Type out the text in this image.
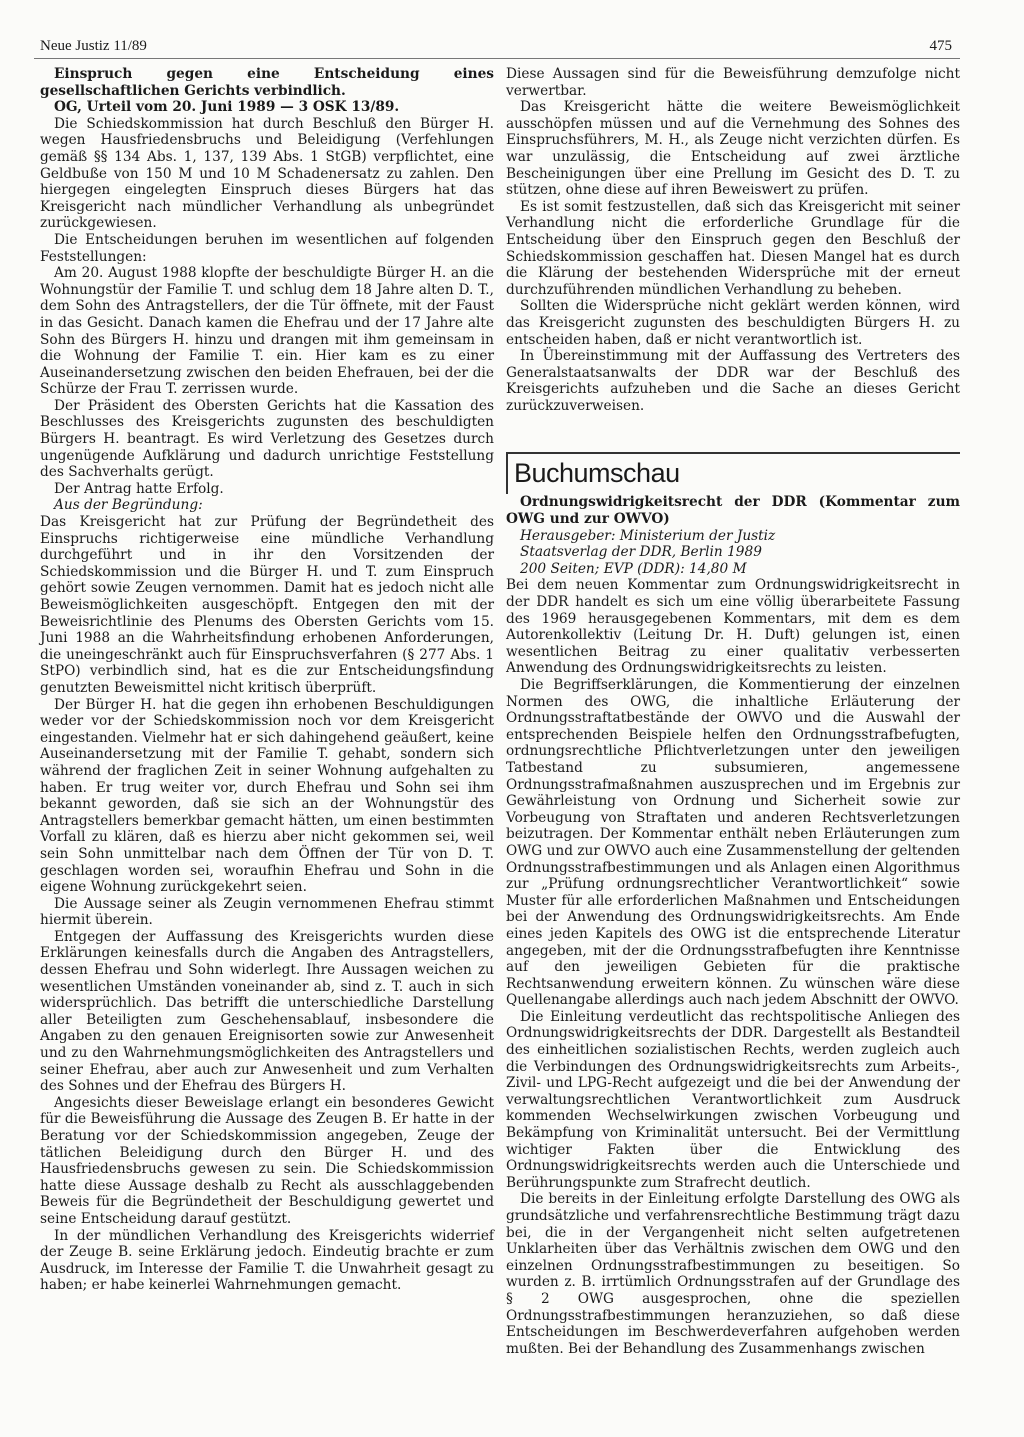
Neue Justiz 11/89	475

Einspruch gegen eine Entscheidung eines gesellschaftlichen Gerichts verbindlich.

OG, Urteil vom 20. Juni 1989 — 3 OSK 13/89.

Die Schiedskommission hat durch Beschluß den Bürger H. wegen Hausfriedensbruchs und Beleidigung (Verfehlungen gemäß §§ 134 Abs. 1, 137, 139 Abs. 1 StGB) verpflichtet, eine Geldbuße von 150 M und 10 M Schadenersatz zu zahlen. Den hiergegen eingelegten Einspruch dieses Bürgers hat das Kreisgericht nach mündlicher Verhandlung als unbegründet zurückgewiesen.

Die Entscheidungen beruhen im wesentlichen auf folgenden Feststellungen:

Am 20. August 1988 klopfte der beschuldigte Bürger H. an die Wohnungstür der Familie T. und schlug dem 18 Jahre alten D. T., dem Sohn des Antragstellers, der die Tür öffnete, mit der Faust in das Gesicht. Danach kamen die Ehefrau und der 17 Jahre alte Sohn des Bürgers H. hinzu und drangen mit ihm gemeinsam in die Wohnung der Familie T. ein. Hier kam es zu einer Auseinandersetzung zwischen den beiden Ehefrauen, bei der die Schürze der Frau T. zerrissen wurde.

Der Präsident des Obersten Gerichts hat die Kassation des Beschlusses des Kreisgerichts zugunsten des beschuldigten Bürgers H. beantragt. Es wird Verletzung des Gesetzes durch ungenügende Aufklärung und dadurch unrichtige Feststellung des Sachverhalts gerügt.

Der Antrag hatte Erfolg.

Aus der Begründung:

Das Kreisgericht hat zur Prüfung der Begründetheit des Einspruchs richtigerweise eine mündliche Verhandlung durchgeführt und in ihr den Vorsitzenden der Schiedskommission und die Bürger H. und T. zum Einspruch gehört sowie Zeugen vernommen. Damit hat es jedoch nicht alle Beweismöglichkeiten ausgeschöpft. Entgegen den mit der Beweisrichtlinie des Plenums des Obersten Gerichts vom 15. Juni 1988 an die Wahrheitsfindung erhobenen Anforderungen, die uneingeschränkt auch für Einspruchsverfahren (§ 277 Abs. 1 StPO) verbindlich sind, hat es die zur Entscheidungsfindung genutzten Beweismittel nicht kritisch überprüft.

Der Bürger H. hat die gegen ihn erhobenen Beschuldigungen weder vor der Schiedskommission noch vor dem Kreisgericht eingestanden. Vielmehr hat er sich dahingehend geäußert, keine Auseinandersetzung mit der Familie T. gehabt, sondern sich während der fraglichen Zeit in seiner Wohnung aufgehalten zu haben. Er trug weiter vor, durch Ehefrau und Sohn sei ihm bekannt geworden, daß sie sich an der Wohnungstür des Antragstellers bemerkbar gemacht hätten, um einen bestimmten Vorfall zu klären, daß es hierzu aber nicht gekommen sei, weil sein Sohn unmittelbar nach dem Öffnen der Tür von D. T. geschlagen worden sei, woraufhin Ehefrau und Sohn in die eigene Wohnung zurückgekehrt seien.

Die Aussage seiner als Zeugin vernommenen Ehefrau stimmt hiermit überein.

Entgegen der Auffassung des Kreisgerichts wurden diese Erklärungen keinesfalls durch die Angaben des Antragstellers, dessen Ehefrau und Sohn widerlegt. Ihre Aussagen weichen zu wesentlichen Umständen voneinander ab, sind z. T. auch in sich widersprüchlich. Das betrifft die unterschiedliche Darstellung aller Beteiligten zum Geschehensablauf, insbesondere die Angaben zu den genauen Ereignisorten sowie zur Anwesenheit und zu den Wahrnehmungsmöglichkeiten des Antragstellers und seiner Ehefrau, aber auch zur Anwesenheit und zum Verhalten des Sohnes und der Ehefrau des Bürgers H.

Angesichts dieser Beweislage erlangt ein besonderes Gewicht für die Beweisführung die Aussage des Zeugen B. Er hatte in der Beratung vor der Schiedskommission angegeben, Zeuge der tätlichen Beleidigung durch den Bürger H. und des Hausfriedensbruchs gewesen zu sein. Die Schiedskommission hatte diese Aussage deshalb zu Recht als ausschlaggebenden Beweis für die Begründetheit der Beschuldigung gewertet und seine Entscheidung darauf gestützt.

In der mündlichen Verhandlung des Kreisgerichts widerrief der Zeuge B. seine Erklärung jedoch. Eindeutig brachte er zum Ausdruck, im Interesse der Familie T. die Unwahrheit gesagt zu haben; er habe keinerlei Wahrnehmungen gemacht.

Diese Aussagen sind für die Beweisführung demzufolge nicht verwertbar.

Das Kreisgericht hätte die weitere Beweismöglichkeit ausschöpfen müssen und auf die Vernehmung des Sohnes des Einspruchsführers, M. H., als Zeuge nicht verzichten dürfen. Es war unzulässig, die Entscheidung auf zwei ärztliche Bescheinigungen über eine Prellung im Gesicht des D. T. zu stützen, ohne diese auf ihren Beweiswert zu prüfen.

Es ist somit festzustellen, daß sich das Kreisgericht mit seiner Verhandlung nicht die erforderliche Grundlage für die Entscheidung über den Einspruch gegen den Beschluß der Schiedskommission geschaffen hat. Diesen Mangel hat es durch die Klärung der bestehenden Widersprüche mit der erneut durchzuführenden mündlichen Verhandlung zu beheben.

Sollten die Widersprüche nicht geklärt werden können, wird das Kreisgericht zugunsten des beschuldigten Bürgers H. zu entscheiden haben, daß er nicht verantwortlich ist.

In Übereinstimmung mit der Auffassung des Vertreters des Generalstaatsanwalts der DDR war der Beschluß des Kreisgerichts aufzuheben und die Sache an dieses Gericht zurückzuverweisen.

Buchumschau

Ordnungswidrigkeitsrecht der DDR (Kommentar zum OWG und zur OWVO)

Herausgeber: Ministerium der Justiz
Staatsverlag der DDR, Berlin 1989
200 Seiten; EVP (DDR): 14,80 M

Bei dem neuen Kommentar zum Ordnungswidrigkeitsrecht in der DDR handelt es sich um eine völlig überarbeitete Fassung des 1969 herausgegebenen Kommentars, mit dem es dem Autorenkollektiv (Leitung Dr. H. Duft) gelungen ist, einen wesentlichen Beitrag zu einer qualitativ verbesserten Anwendung des Ordnungswidrigkeitsrechts zu leisten.

Die Begriffserklärungen, die Kommentierung der einzelnen Normen des OWG, die inhaltliche Erläuterung der Ordnungsstraftatbestände der OWVO und die Auswahl der entsprechenden Beispiele helfen den Ordnungsstrafbefugten, ordnungsrechtliche Pflichtverletzungen unter den jeweiligen Tatbestand zu subsumieren, angemessene Ordnungsstrafmaßnahmen auszusprechen und im Ergebnis zur Gewährleistung von Ordnung und Sicherheit sowie zur Vorbeugung von Straftaten und anderen Rechtsverletzungen beizutragen. Der Kommentar enthält neben Erläuterungen zum OWG und zur OWVO auch eine Zusammenstellung der geltenden Ordnungsstrafbestimmungen und als Anlagen einen Algorithmus zur „Prüfung ordnungsrechtlicher Verantwortlichkeit“ sowie Muster für alle erforderlichen Maßnahmen und Entscheidungen bei der Anwendung des Ordnungswidrigkeitsrechts. Am Ende eines jeden Kapitels des OWG ist die entsprechende Literatur angegeben, mit der die Ordnungsstrafbefugten ihre Kenntnisse auf den jeweiligen Gebieten für die praktische Rechtsanwendung erweitern können. Zu wünschen wäre diese Quellenangabe allerdings auch nach jedem Abschnitt der OWVO.

Die Einleitung verdeutlicht das rechtspolitische Anliegen des Ordnungswidrigkeitsrechts der DDR. Dargestellt als Bestandteil des einheitlichen sozialistischen Rechts, werden zugleich auch die Verbindungen des Ordnungswidrigkeitsrechts zum Arbeits-, Zivil- und LPG-Recht aufgezeigt und die bei der Anwendung der verwaltungsrechtlichen Verantwortlichkeit zum Ausdruck kommenden Wechselwirkungen zwischen Vorbeugung und Bekämpfung von Kriminalität untersucht. Bei der Vermittlung wichtiger Fakten über die Entwicklung des Ordnungswidrigkeitsrechts werden auch die Unterschiede und Berührungspunkte zum Strafrecht deutlich.

Die bereits in der Einleitung erfolgte Darstellung des OWG als grundsätzliche und verfahrensrechtliche Bestimmung trägt dazu bei, die in der Vergangenheit nicht selten aufgetretenen Unklarheiten über das Verhältnis zwischen dem OWG und den einzelnen Ordnungsstrafbestimmungen zu beseitigen. So wurden z. B. irrtümlich Ordnungsstrafen auf der Grundlage des § 2 OWG ausgesprochen, ohne die speziellen Ordnungsstrafbestimmungen heranzuziehen, so daß diese Entscheidungen im Beschwerdeverfahren aufgehoben werden mußten. Bei der Behandlung des Zusammenhangs zwischen
